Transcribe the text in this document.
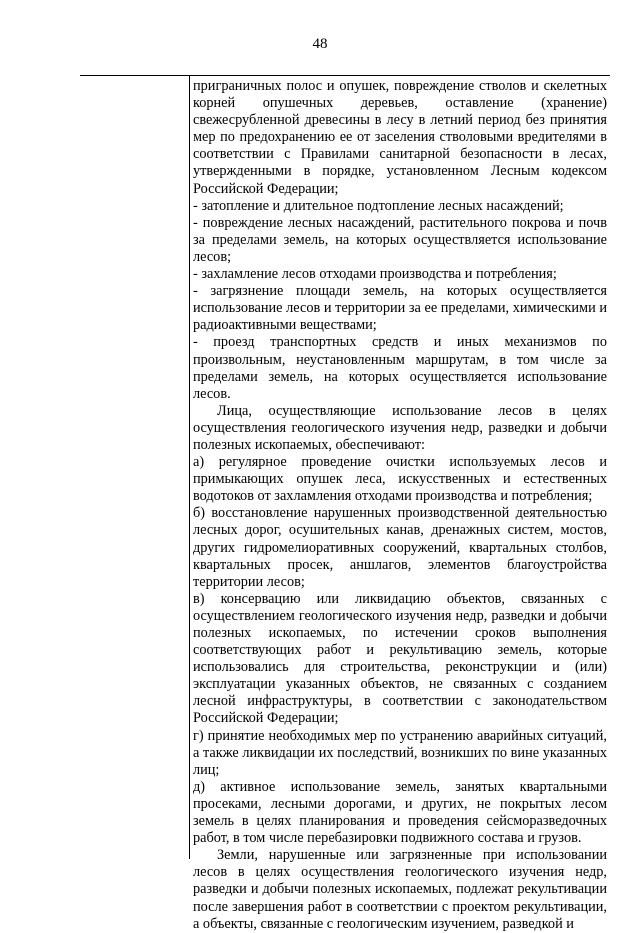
48

приграничных полос и опушек, повреждение стволов и скелетных корней опушечных деревьев, оставление (хранение) свежесрубленной древесины в лесу в летний период без принятия мер по предохранению ее от заселения стволовыми вредителями в соответствии с Правилами санитарной безопасности в лесах, утвержденными в порядке, установленном Лесным кодексом Российской Федерации;

- затопление и длительное подтопление лесных насаждений;

- повреждение лесных насаждений, растительного покрова и почв за пределами земель, на которых осуществляется использование лесов;

- захламление лесов отходами производства и потребления;

- загрязнение площади земель, на которых осуществляется использование лесов и территории за ее пределами, химическими и радиоактивными веществами;

- проезд транспортных средств и иных механизмов по произвольным, неустановленным маршрутам, в том числе за пределами земель, на которых осуществляется использование лесов.

Лица, осуществляющие использование лесов в целях осуществления геологического изучения недр, разведки и добычи полезных ископаемых, обеспечивают:

а) регулярное проведение очистки используемых лесов и примыкающих опушек леса, искусственных и естественных водотоков от захламления отходами производства и потребления;

б) восстановление нарушенных производственной деятельностью лесных дорог, осушительных канав, дренажных систем, мостов, других гидромелиоративных сооружений, квартальных столбов, квартальных просек, аншлагов, элементов благоустройства территории лесов;

в) консервацию или ликвидацию объектов, связанных с осуществлением геологического изучения недр, разведки и добычи полезных ископаемых, по истечении сроков выполнения соответствующих работ и рекультивацию земель, которые использовались для строительства, реконструкции и (или) эксплуатации указанных объектов, не связанных с созданием лесной инфраструктуры, в соответствии с законодательством Российской Федерации;

г) принятие необходимых мер по устранению аварийных ситуаций, а также ликвидации их последствий, возникших по вине указанных лиц;

д) активное использование земель, занятых квартальными просеками, лесными дорогами, и других, не покрытых лесом земель в целях планирования и проведения сейсморазведочных работ, в том числе перебазировки подвижного состава и грузов.

Земли, нарушенные или загрязненные при использовании лесов в целях осуществления геологического изучения недр, разведки и добычи полезных ископаемых, подлежат рекультивации после завершения работ в соответствии с проектом рекультивации, а объекты, связанные с геологическим изучением, разведкой и
